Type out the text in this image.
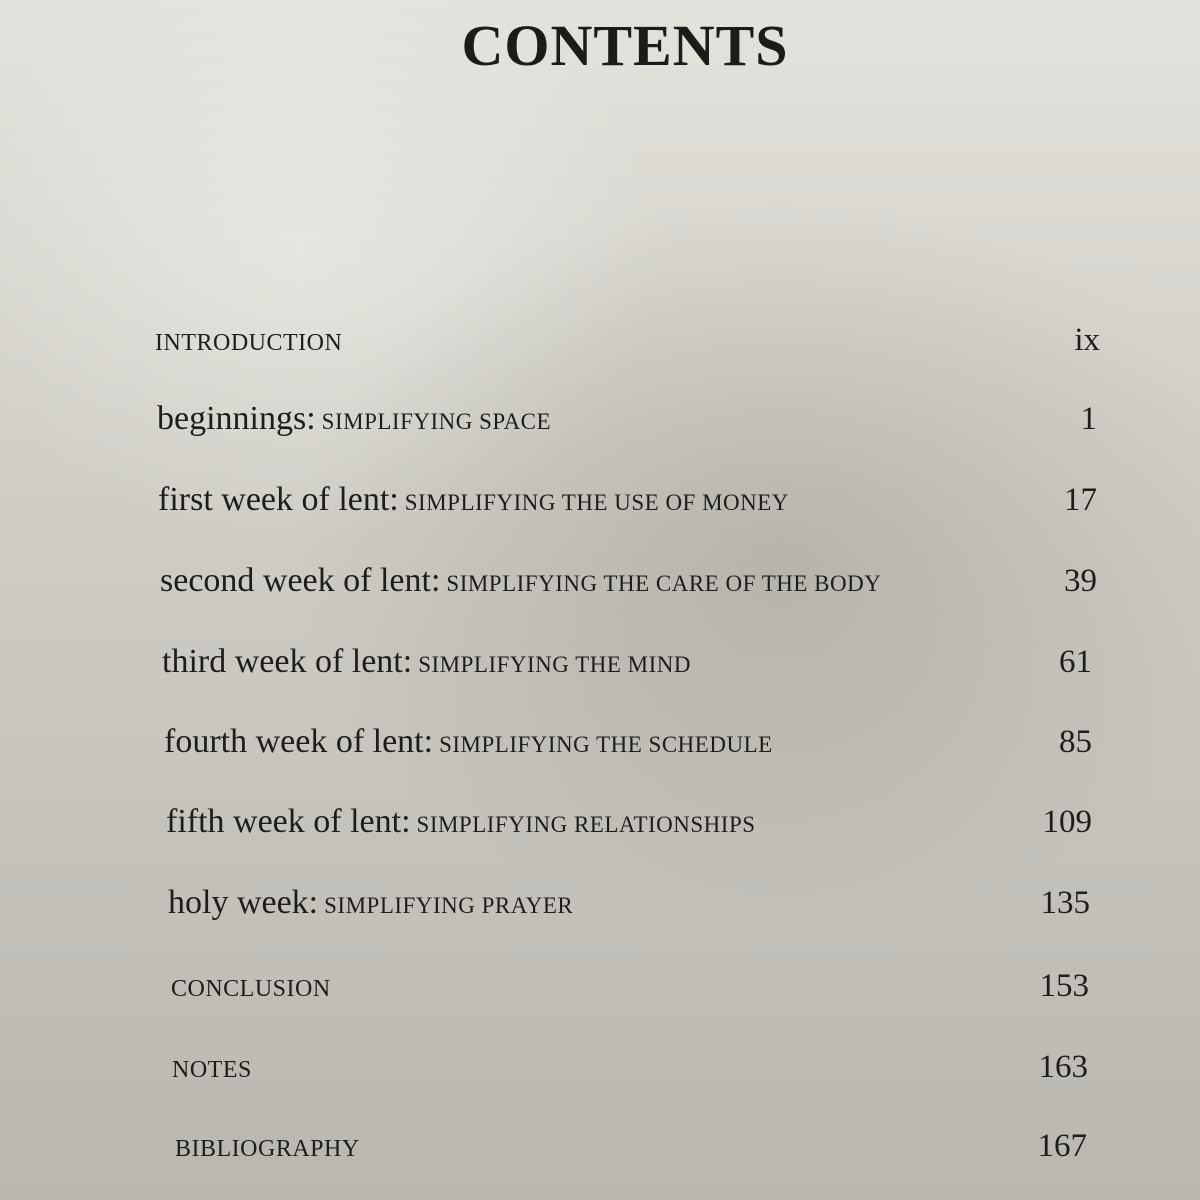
CONTENTS
INTRODUCTION	ix
beginnings: SIMPLIFYING SPACE	1
first week of lent: SIMPLIFYING THE USE OF MONEY	17
second week of lent: SIMPLIFYING THE CARE OF THE BODY	39
third week of lent: SIMPLIFYING THE MIND	61
fourth week of lent: SIMPLIFYING THE SCHEDULE	85
fifth week of lent: SIMPLIFYING RELATIONSHIPS	109
holy week: SIMPLIFYING PRAYER	135
CONCLUSION	153
NOTES	163
BIBLIOGRAPHY	167
